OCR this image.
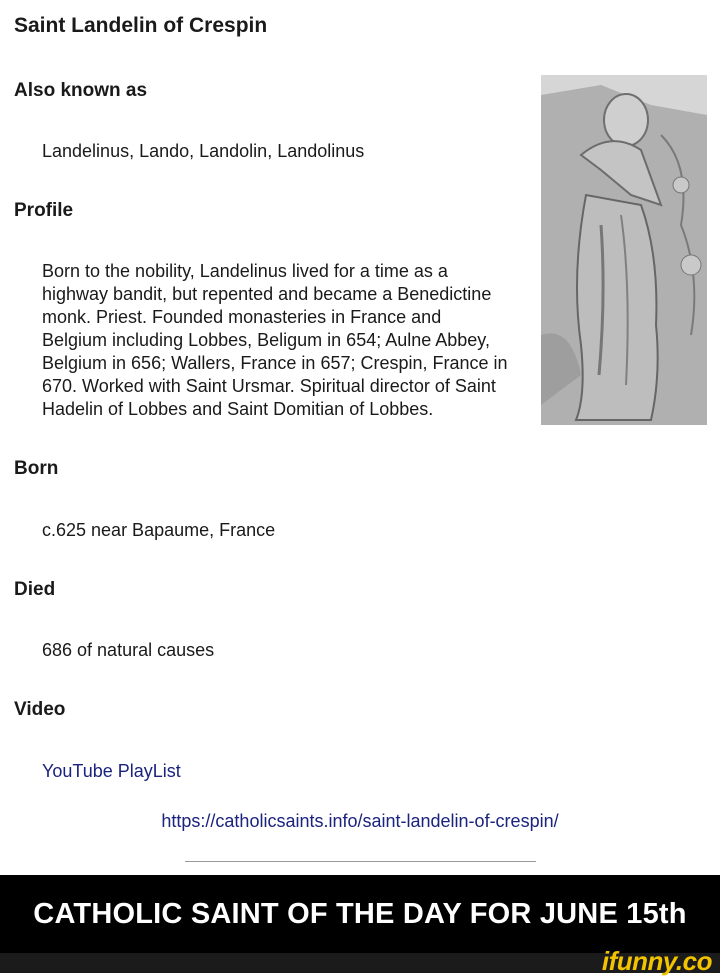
Saint Landelin of Crespin
Also known as
Landelinus, Lando, Landolin, Landolinus
Profile
Born to the nobility, Landelinus lived for a time as a
highway bandit, but repented and became a Benedictine
monk. Priest. Founded monasteries in France and
Belgium including Lobbes, Beligum in 654; Aulne Abbey,
Belgium in 656; Wallers, France in 657; Crespin, France in
670. Worked with Saint Ursmar. Spiritual director of Saint
Hadelin of Lobbes and Saint Domitian of Lobbes.
Born
c.625 near Bapaume, France
Died
686 of natural causes
Video
YouTube PlayList
https://catholicsaints.info/saint-landelin-of-crespin/
CATHOLIC SAINT OF THE DAY FOR JUNE 15th
ifunny.co
